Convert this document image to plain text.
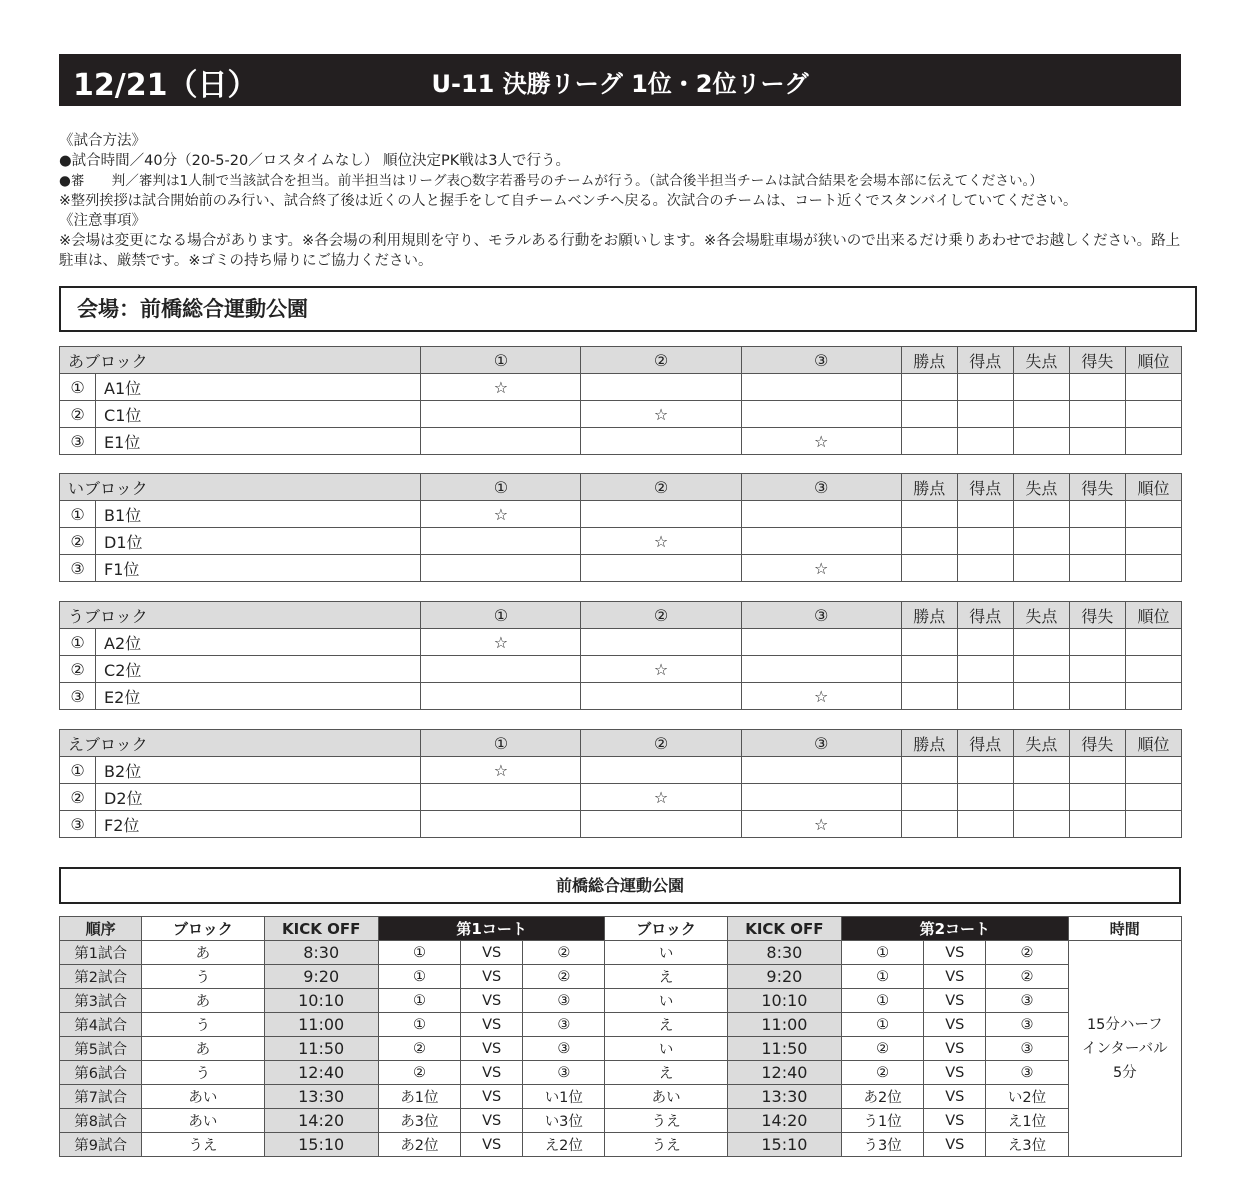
12/21（日）	U-11 決勝リーグ 1位・2位リーグ
《試合方法》
●試合時間／40分（20-5-20／ロスタイムなし） 順位決定PK戦は3人で行う。
●審　　判／審判は1人制で当該試合を担当。前半担当はリーグ表○数字若番号のチームが行う。（試合後半担当チームは試合結果を会場本部に伝えてください。）
※整列挨拶は試合開始前のみ行い、試合終了後は近くの人と握手をして自チームベンチへ戻る。次試合のチームは、コート近くでスタンバイしていてください。
《注意事項》
※会場は変更になる場合があります。※各会場の利用規則を守り、モラルある行動をお願いします。※各会場駐車場が狭いので出来るだけ乗りあわせでお越しください。路上駐車は、厳禁です。※ゴミの持ち帰りにご協力ください。
会場：前橋総合運動公園
あブロック		①	②	③	勝点	得点	失点	得失	順位
①	A1位	☆							
②	C1位		☆						
③	E1位			☆					
いブロック		①	②	③	勝点	得点	失点	得失	順位
①	B1位	☆							
②	D1位		☆						
③	F1位			☆					
うブロック		①	②	③	勝点	得点	失点	得失	順位
①	A2位	☆							
②	C2位		☆						
③	E2位			☆					
えブロック		①	②	③	勝点	得点	失点	得失	順位
①	B2位	☆							
②	D2位		☆						
③	F2位			☆					
前橋総合運動公園
順序	ブロック	KICK OFF	第1コート			ブロック	KICK OFF	第2コート			時間
第1試合	あ	8:30	①	VS	②	い	8:30	①	VS	②	15分ハーフ
インターバル
5分

第2試合	う	9:20	①	VS	②	え	9:20	①	VS	②	
第3試合	あ	10:10	①	VS	③	い	10:10	①	VS	③	
第4試合	う	11:00	①	VS	③	え	11:00	①	VS	③	
第5試合	あ	11:50	②	VS	③	い	11:50	②	VS	③	
第6試合	う	12:40	②	VS	③	え	12:40	②	VS	③	
第7試合	あい	13:30	あ1位	VS	い1位	あい	13:30	あ2位	VS	い2位	
第8試合	あい	14:20	あ3位	VS	い3位	うえ	14:20	う1位	VS	え1位	
第9試合	うえ	15:10	あ2位	VS	え2位	うえ	15:10	う3位	VS	え3位	
